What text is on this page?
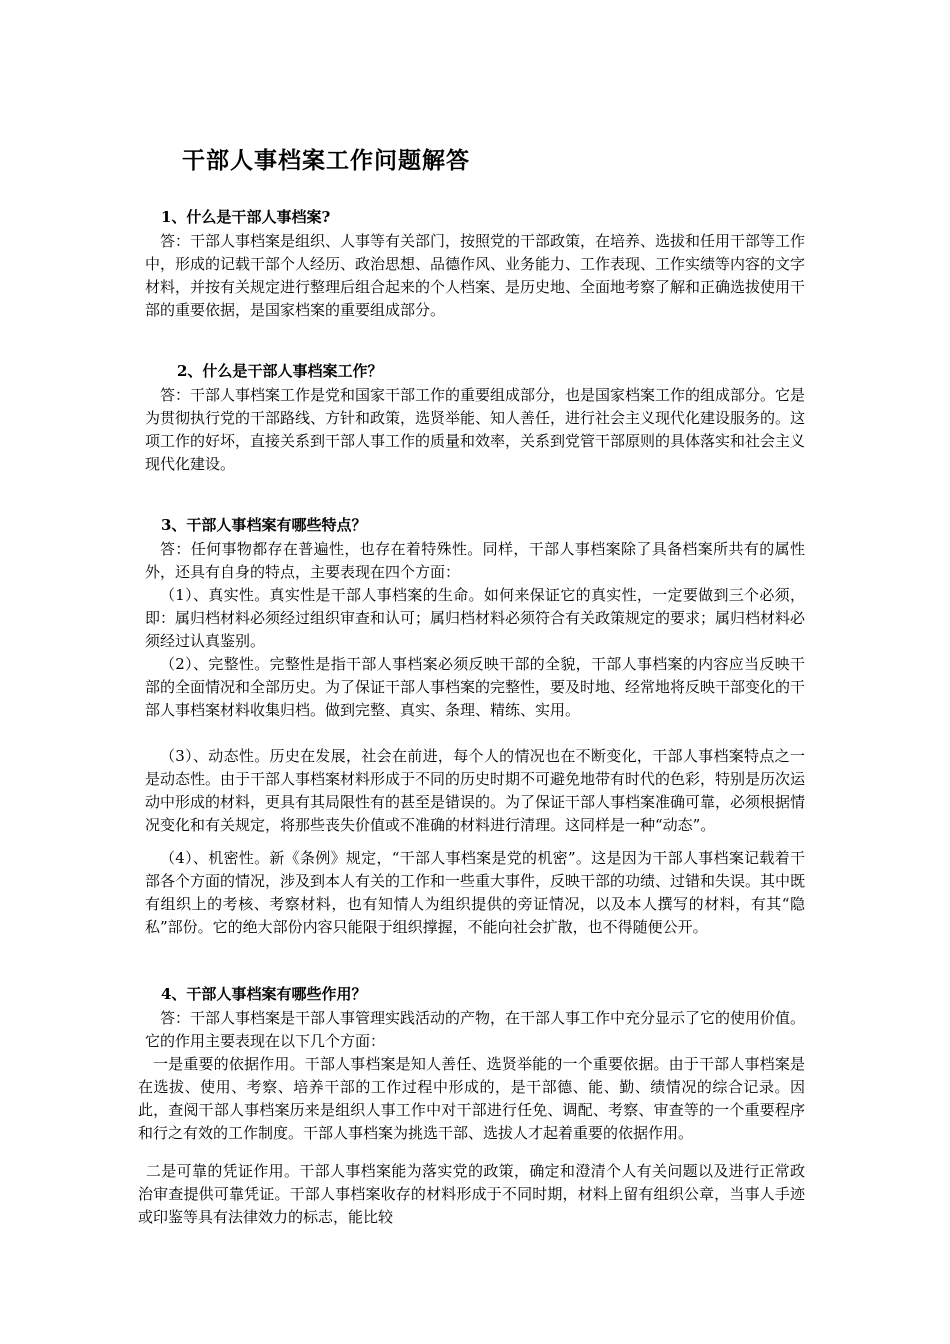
干部人事档案工作问题解答
1、什么是干部人事档案?

答：干部人事档案是组织、人事等有关部门，按照党的干部政策，在培养、选拔和任用干部等工作中，形成的记载干部个人经历、政治思想、品德作风、业务能力、工作表现、工作实绩等内容的文字材料，并按有关规定进行整理后组合起来的个人档案、是历史地、全面地考察了解和正确选拔使用干部的重要依据，是国家档案的重要组成部分。

2、什么是干部人事档案工作？

答：干部人事档案工作是党和国家干部工作的重要组成部分，也是国家档案工作的组成部分。它是为贯彻执行党的干部路线、方针和政策，选贤举能、知人善任，进行社会主义现代化建设服务的。这项工作的好坏，直接关系到干部人事工作的质量和效率，关系到党管干部原则的具体落实和社会主义现代化建设。

3、干部人事档案有哪些特点？

答：任何事物都存在普遍性，也存在着特殊性。同样，干部人事档案除了具备档案所共有的属性外，还具有自身的特点，主要表现在四个方面：

（1）、真实性。真实性是干部人事档案的生命。如何来保证它的真实性，一定要做到三个必须，即：属归档材料必须经过组织审查和认可；属归档材料必须符合有关政策规定的要求；属归档材料必须经过认真鉴别。

（2）、完整性。完整性是指干部人事档案必须反映干部的全貌，干部人事档案的内容应当反映干部的全面情况和全部历史。为了保证干部人事档案的完整性，要及时地、经常地将反映干部变化的干部人事档案材料收集归档。做到完整、真实、条理、精练、实用。

（3）、动态性。历史在发展，社会在前进，每个人的情况也在不断变化，干部人事档案特点之一是动态性。由于干部人事档案材料形成于不同的历史时期不可避免地带有时代的色彩，特别是历次运动中形成的材料，更具有其局限性有的甚至是错误的。为了保证干部人事档案准确可靠，必须根据情况变化和有关规定，将那些丧失价值或不准确的材料进行清理。这同样是一种“动态”。

（4）、机密性。新《条例》规定，“干部人事档案是党的机密”。这是因为干部人事档案记载着干部各个方面的情况，涉及到本人有关的工作和一些重大事件，反映干部的功绩、过错和失误。其中既有组织上的考核、考察材料，也有知情人为组织提供的旁证情况，以及本人撰写的材料，有其“隐私”部份。它的绝大部份内容只能限于组织撑握，不能向社会扩散，也不得随便公开。

4、干部人事档案有哪些作用？

答：干部人事档案是干部人事管理实践活动的产物，在干部人事工作中充分显示了它的使用价值。它的作用主要表现在以下几个方面：

一是重要的依据作用。干部人事档案是知人善任、选贤举能的一个重要依据。由于干部人事档案是在选拔、使用、考察、培养干部的工作过程中形成的，是干部德、能、勤、绩情况的综合记录。因此，查阅干部人事档案历来是组织人事工作中对干部进行任免、调配、考察、审查等的一个重要程序和行之有效的工作制度。干部人事档案为挑选干部、选拔人才起着重要的依据作用。

二是可靠的凭证作用。干部人事档案能为落实党的政策，确定和澄清个人有关问题以及进行正常政治审查提供可靠凭证。干部人事档案收存的材料形成于不同时期，材料上留有组织公章，当事人手迹或印鉴等具有法律效力的标志，能比较
